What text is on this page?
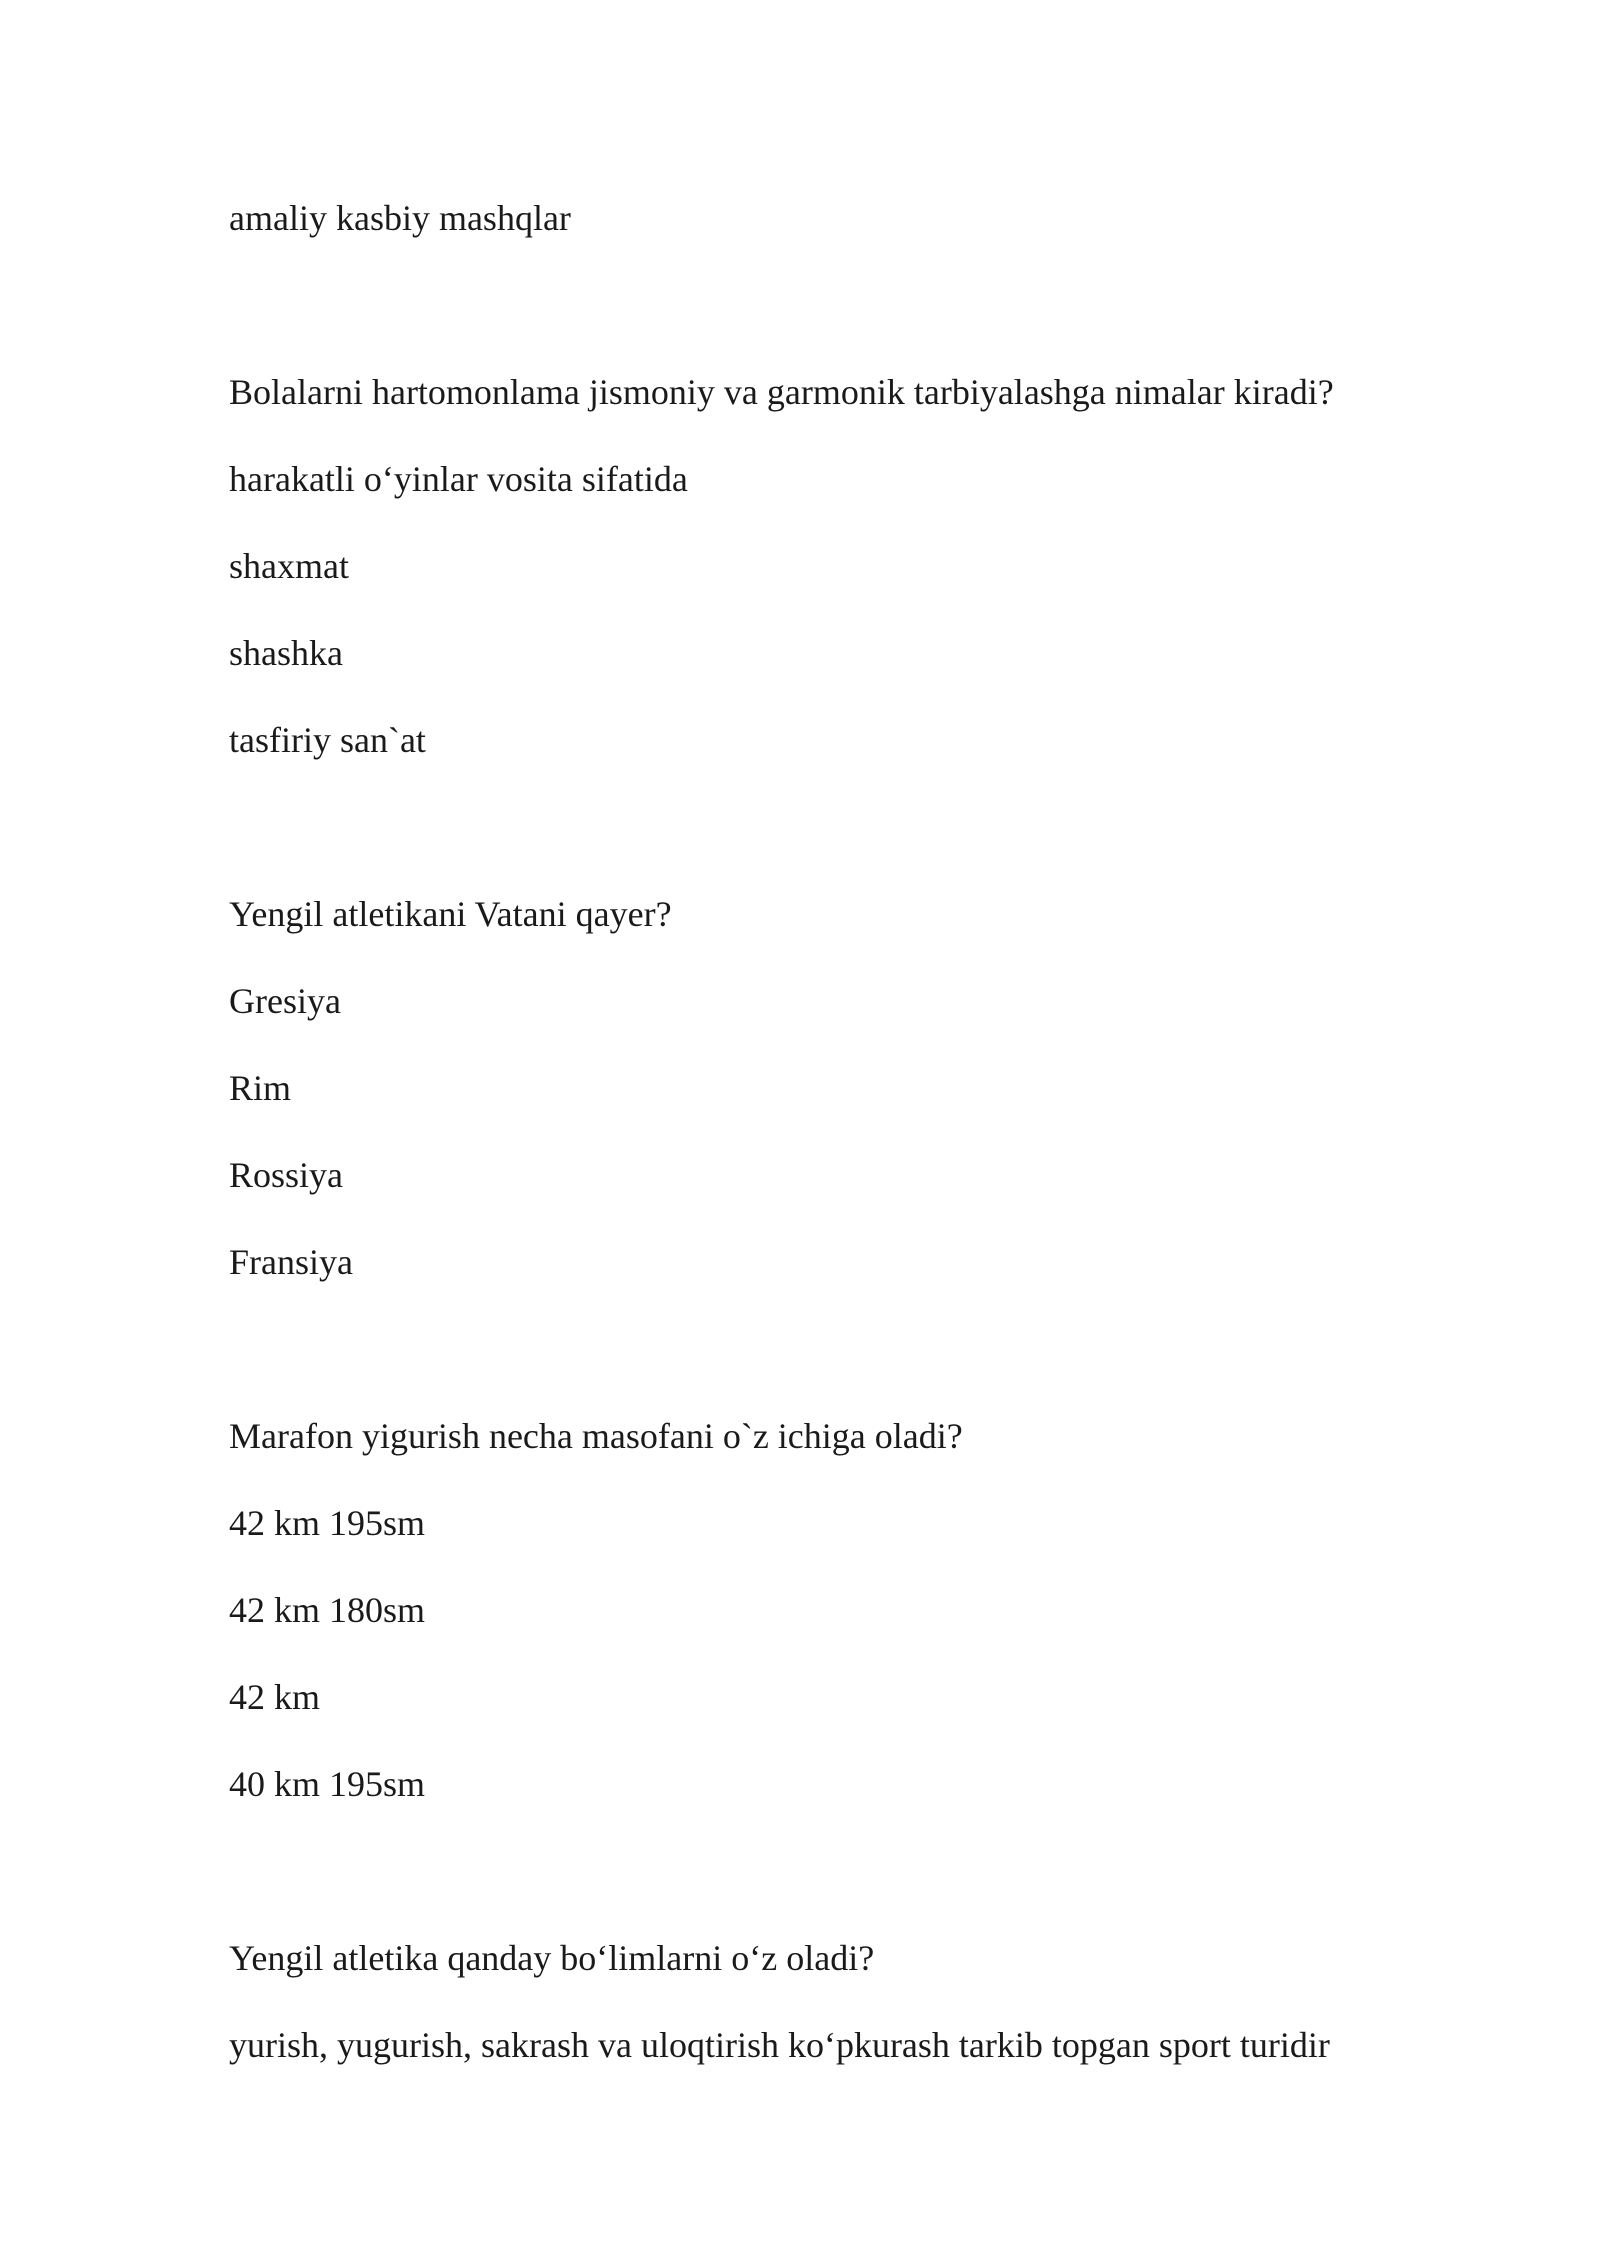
amaliy kasbiy mashqlar

Bolalarni hartomonlama jismoniy va garmonik tarbiyalashga nimalar kiradi?

harakatli o‘yinlar vosita sifatida

shaxmat

shashka

tasfiriy san`at

Yengil atletikani Vatani qayer?

Gresiya

Rim

Rossiya

Fransiya

Marafon yigurish necha masofani o`z ichiga oladi?

42 km 195sm

42 km 180sm

42 km

40 km 195sm

Yengil atletika qanday bo‘limlarni o‘z oladi?

yurish, yugurish, sakrash va uloqtirish ko‘pkurash tarkib topgan sport turidir
